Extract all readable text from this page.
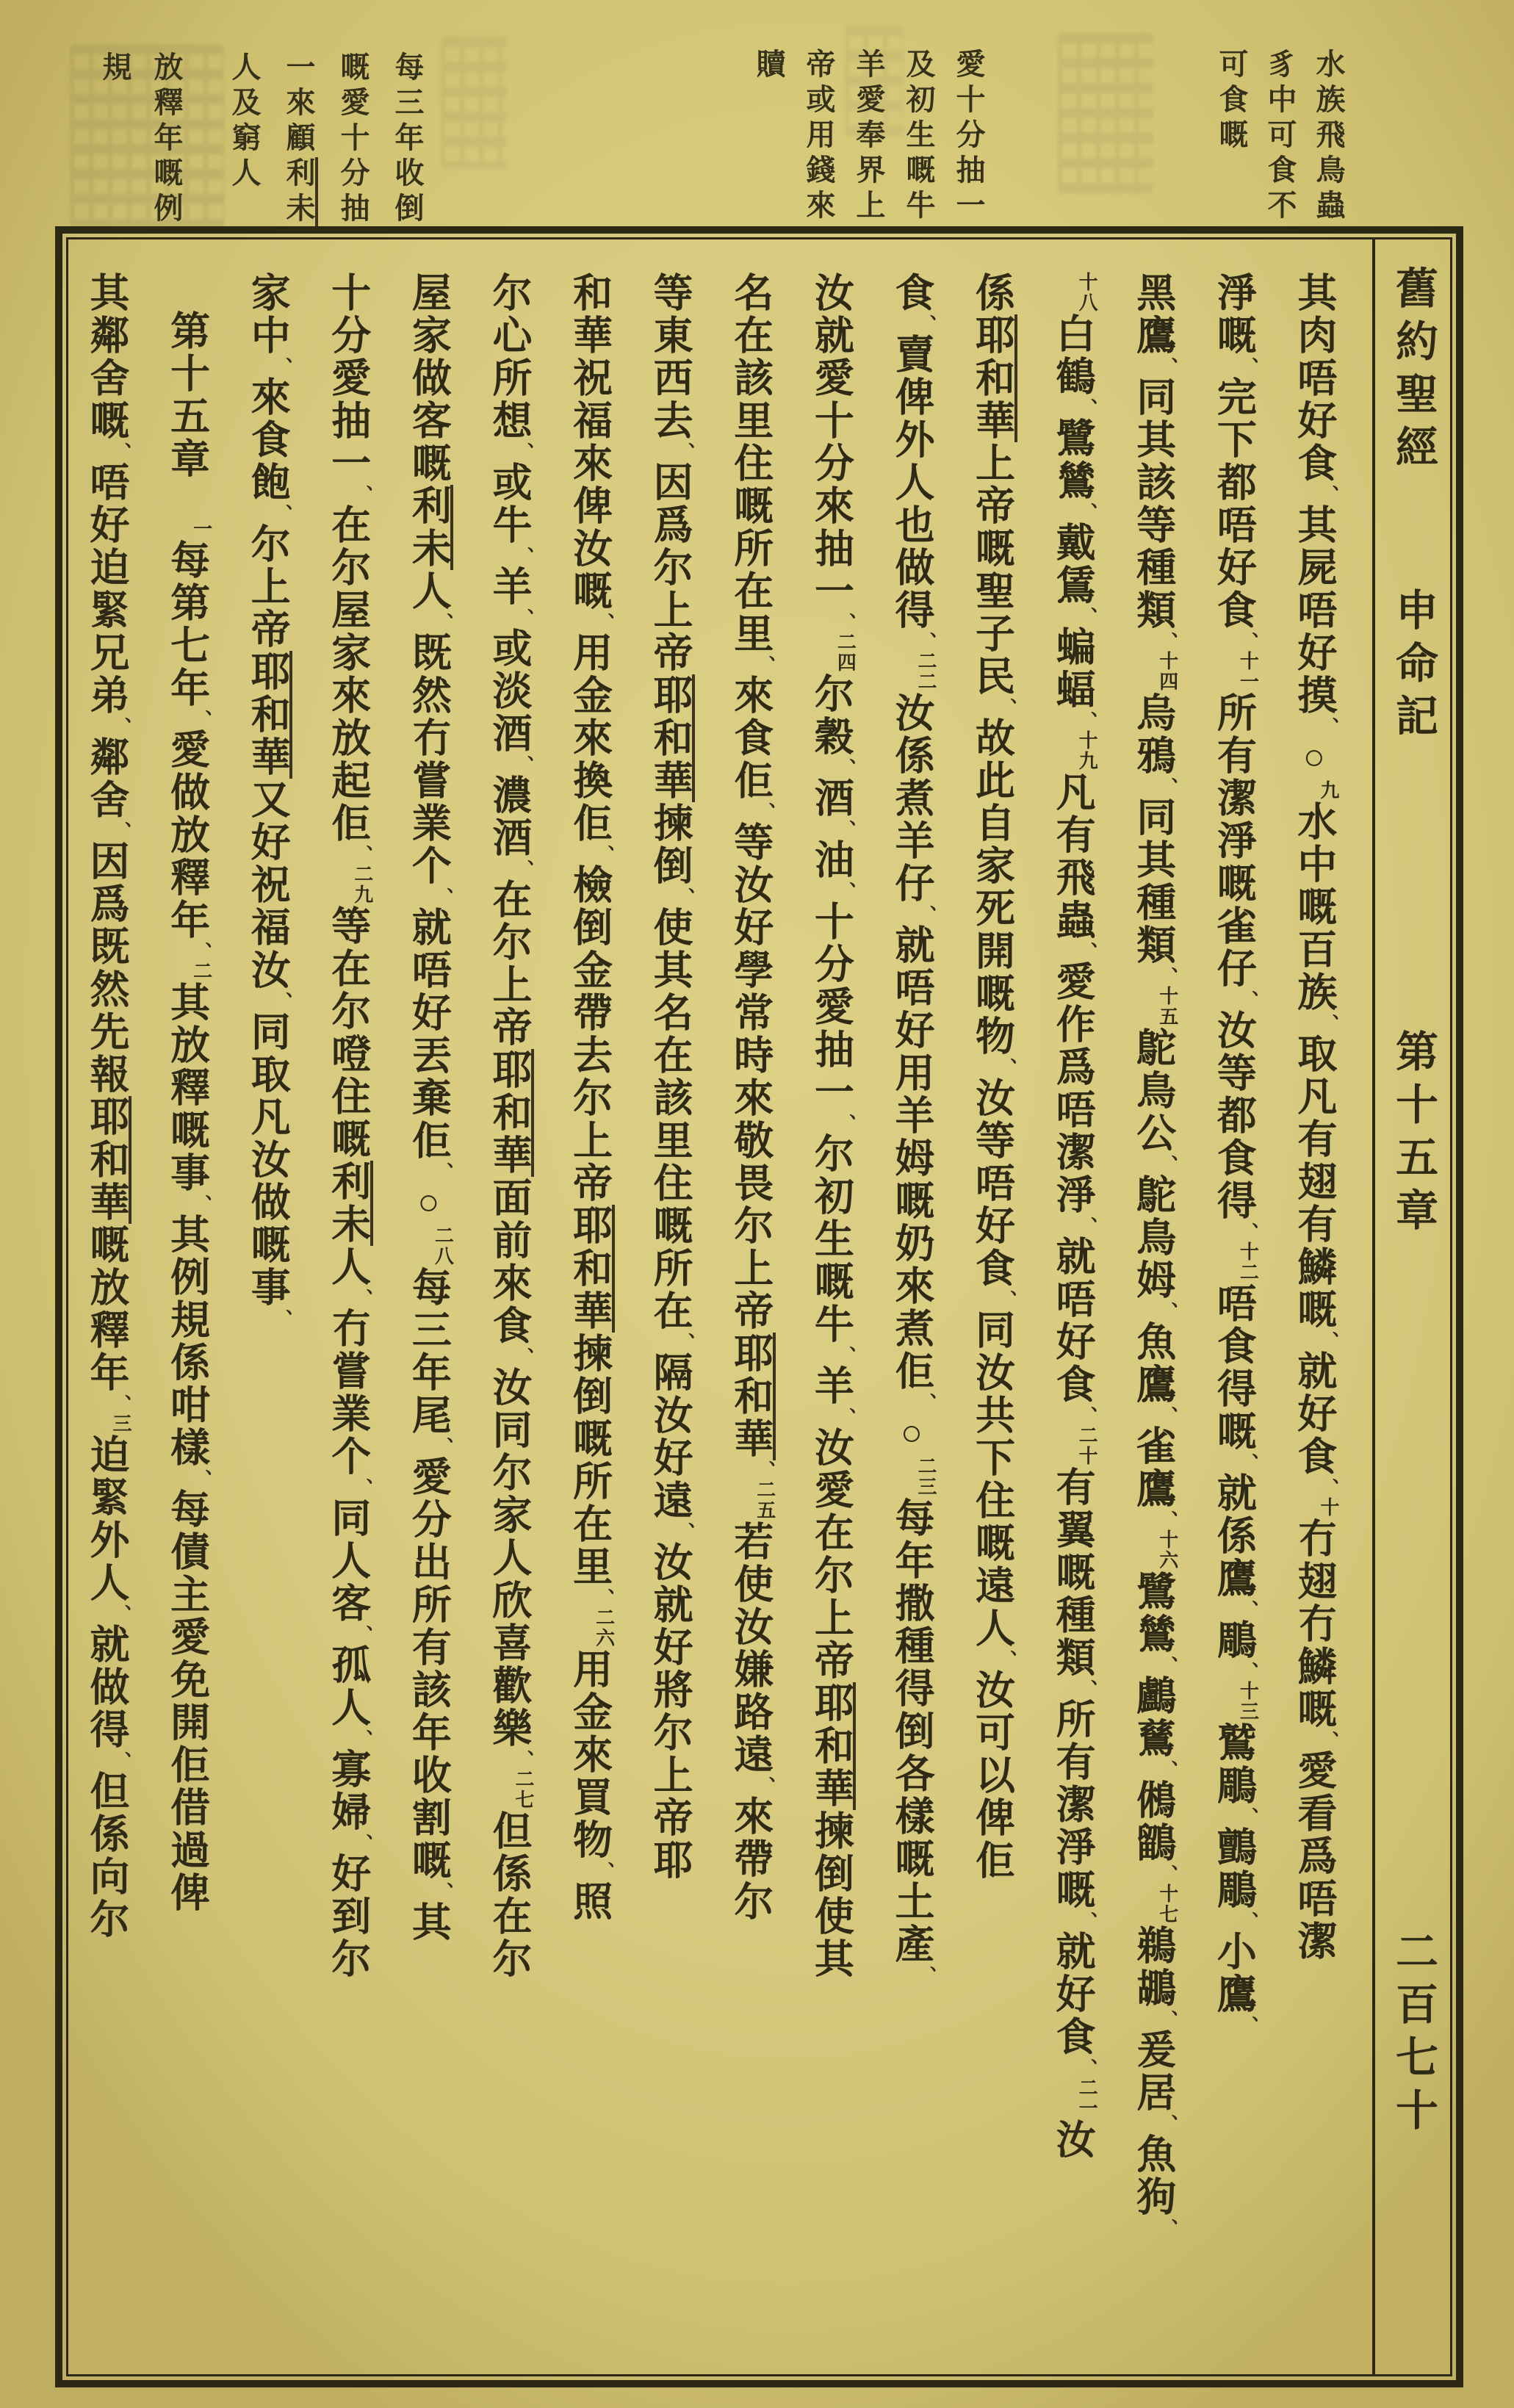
水族飛鳥蟲
豸中可食不
可食嘅
愛十分抽一
及初生嘅牛
羊愛奉界上
帝或用錢來
贖
每三年收倒
嘅愛十分抽
一來顧利未
人及窮人
放釋年嘅例
規
舊約聖經
申命記
第十五章
二百七十
其肉唔好食、其屍唔好摸、○$^九$水中嘅百族、取凡有翅有鱗嘅、就好食$^{、十}$冇翅冇鱗嘅、愛看爲唔潔
淨嘅、完下都唔好食$^{、十一}$所有潔淨嘅雀仔、汝等都食得$^{、十二}$唔食得嘅、就係鷹、鵰$^{、十三}$鷲鵰、鸇鵰、小鷹、
黑鷹、同其該等種類$^{、十四}$烏鴉、同其種類$^{、十五}$鴕鳥公、鴕鳥姆、魚鷹、雀鷹$^{、十六}$鷺鷥、鸕鶿、鵂鶹$^{、十七}$鵜鶘、爰居、魚狗、
$^{十八}$白鶴、鷺鷥、戴鵀、蝙蝠$^{、十九}$凡有飛蟲、愛作爲唔潔淨、就唔好食$^{、二十}$有翼嘅種類、所有潔淨嘅、就好食$^{、二一}$汝
係耶和華上帝嘅聖子民、故此自家死開嘅物、汝等唔好食、同汝共下住嘅遠人、汝可以俾佢
食、賣俾外人也做得$^{、二二}$汝係煮羊仔、就唔好用羊姆嘅奶來煮佢、○$^{二三}$每年撒種得倒各樣嘅土產、
汝就愛十分來抽一$^{、二四}$尔穀、酒、油、十分愛抽一、尔初生嘅牛、羊、汝愛在尔上帝耶和華揀倒使其
名在該里住嘅所在里、來食佢、等汝好學常時來敬畏尔上帝耶和華$^{、二五}$若使汝嫌路遠、來帶尔
等東西去、因爲尔上帝耶和華揀倒、使其名在該里住嘅所在、隔汝好遠、汝就好將尔上帝耶
和華祝福來俾汝嘅、用金來換佢、檢倒金帶去尔上帝耶和華揀倒嘅所在里$^{、二六}$用金來買物、照
尔心所想、或牛、羊、或淡酒、濃酒、在尔上帝耶和華面前來食、汝同尔家人欣喜歡樂$^{、二七}$但係在尔
屋家做客嘅利未人、既然冇嘗業个、就唔好丟棄佢、○$^{二八}$每三年尾、愛分出所有該年收割嘅、其
十分愛抽一、在尔屋家來放起佢$^{、二九}$等在尔噔住嘅利未人、冇嘗業个、同人客、孤人、寡婦、好到尔
家中、來食飽、尔上帝耶和華又好祝福汝、同取凡汝做嘅事、
第十五章$^一$每第七年、愛做放釋年$^{、二}$其放釋嘅事、其例規係咁樣、每債主愛免開佢借過俾
其鄰舍嘅、唔好迫緊兄弟、鄰舍、因爲既然先報耶和華嘅放釋年$^{、三}$迫緊外人、就做得、但係向尔
